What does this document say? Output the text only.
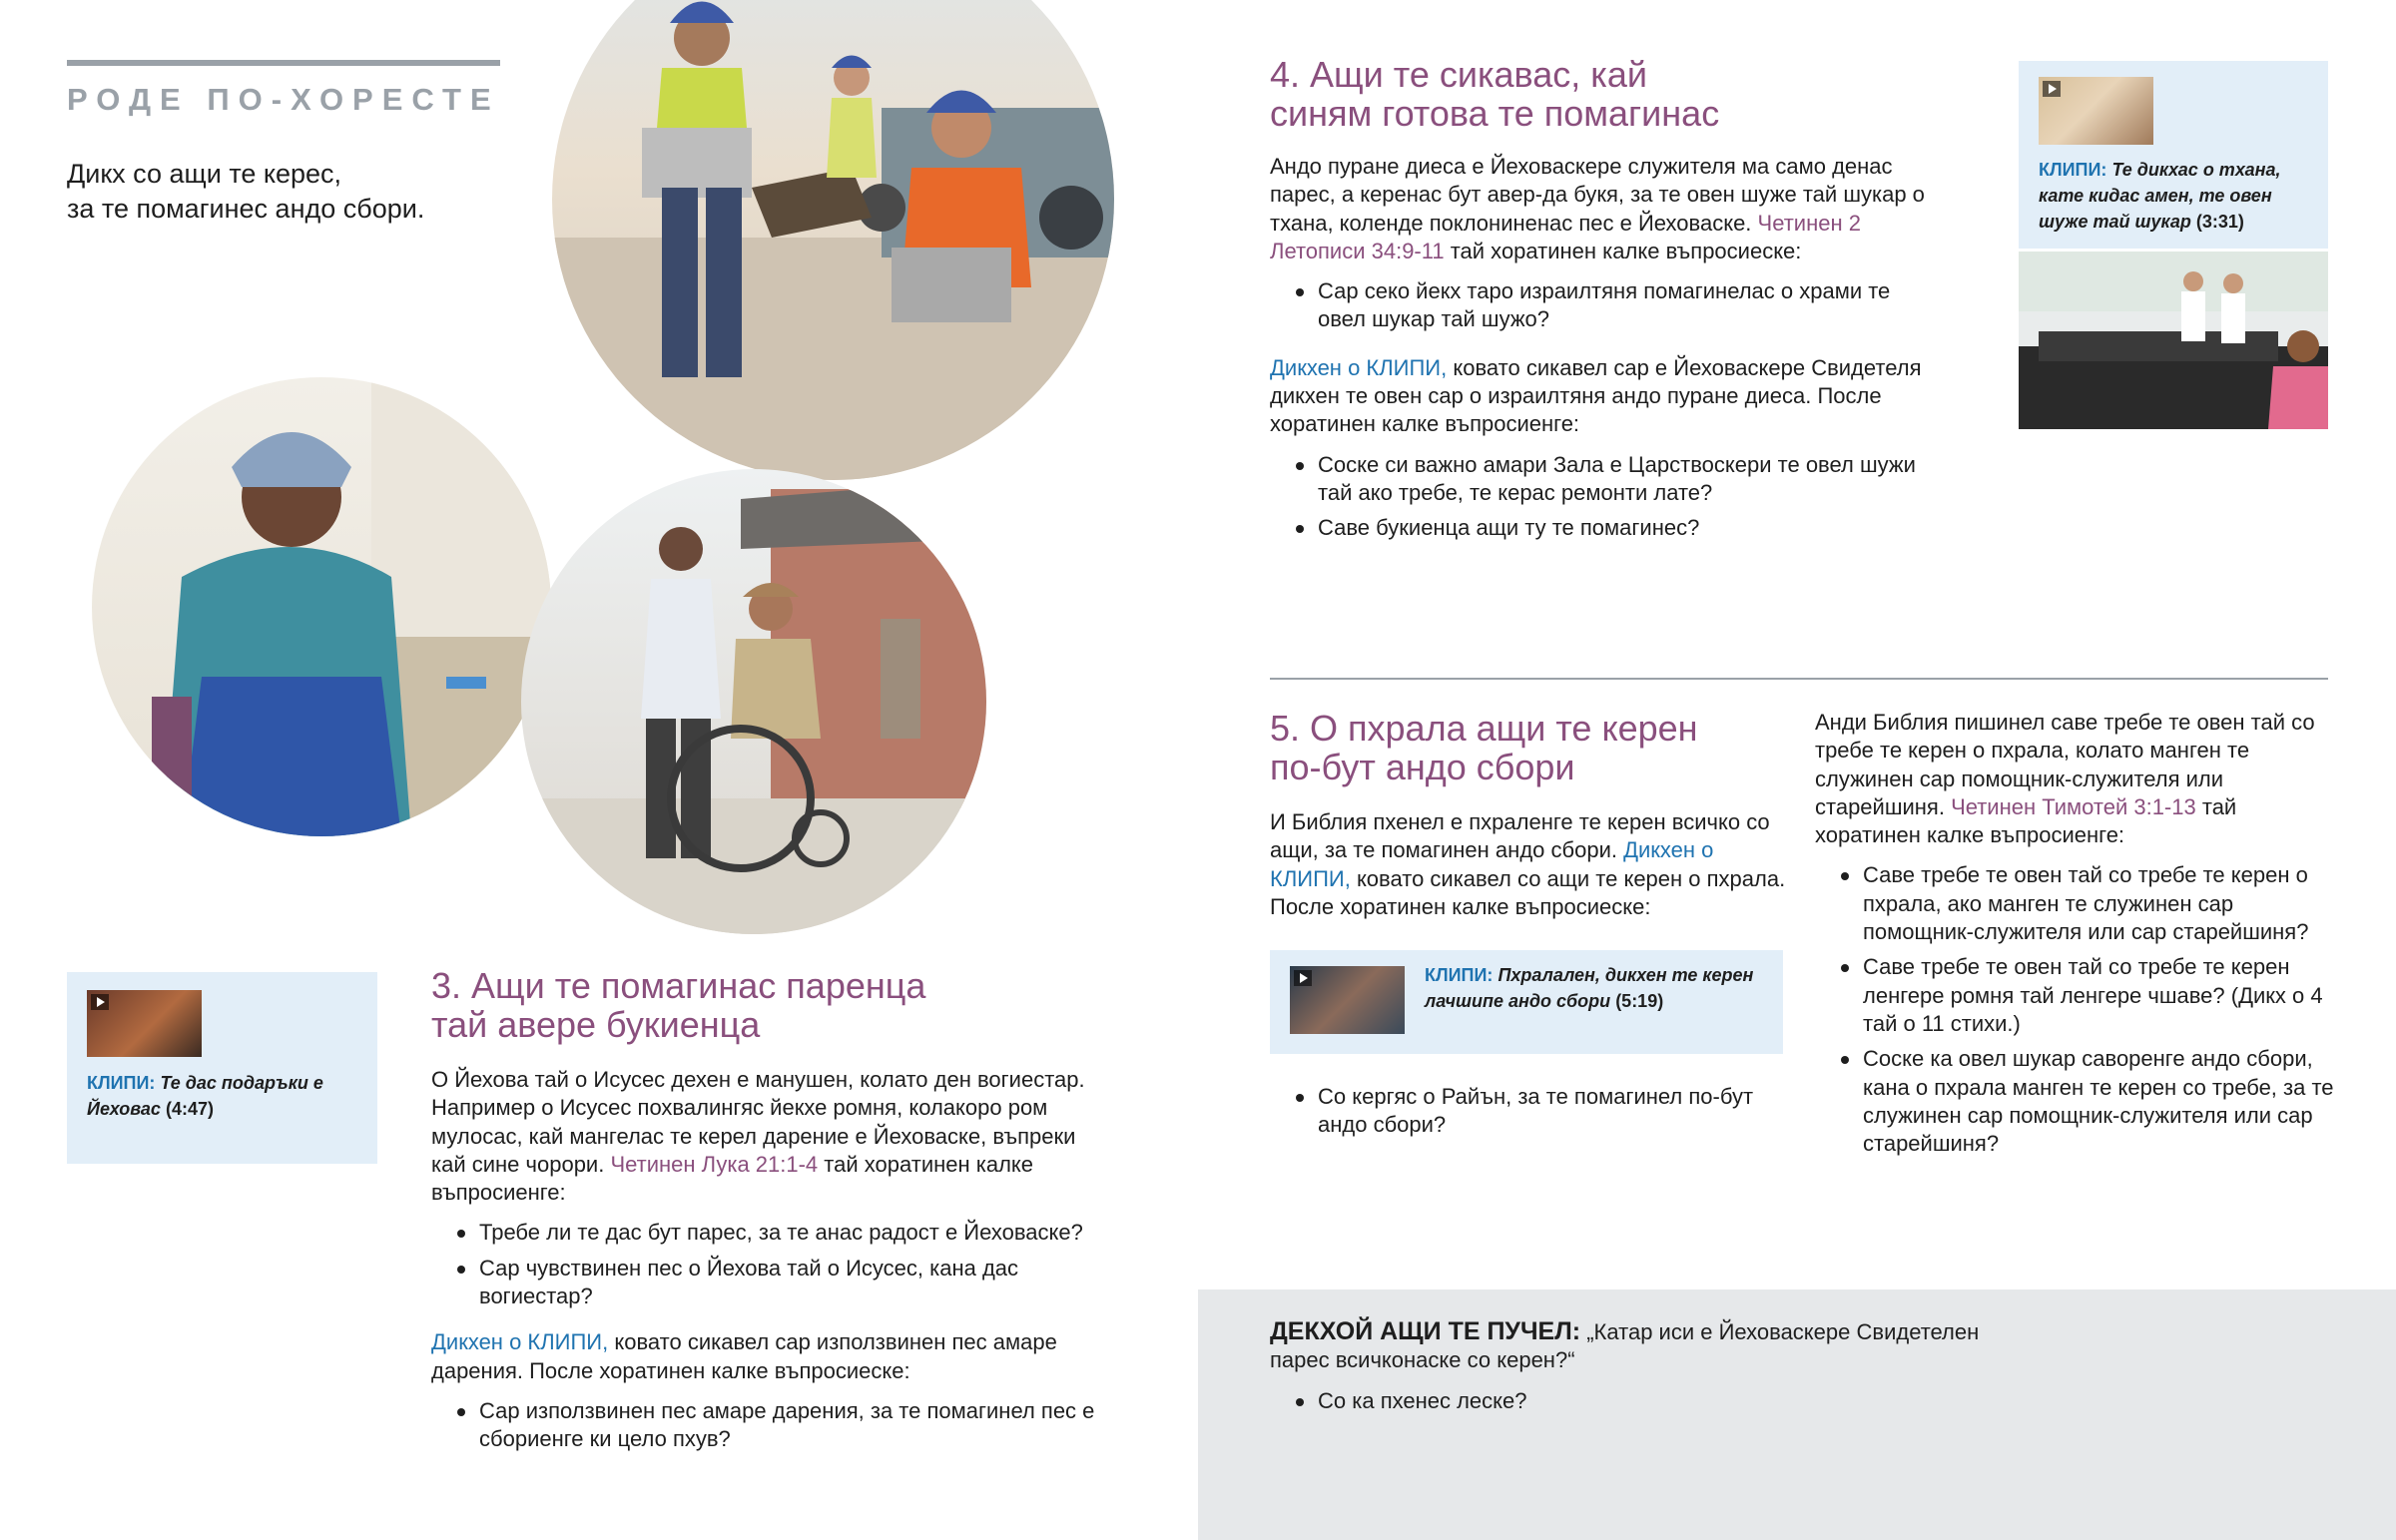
РОДЕ ПО-ХОРЕСТЕ
Дикх со ащи те керес,
за те помагинес андо сбори.
КЛИПИ: Те дас подаръки е Йеховас (4:47)
3. Ащи те помагинас паренца
тай авере букиенца

О Йехова тай о Исусес дехен е манушен, колато ден вогиестар. Например о Исусес похвалингяс йекхе ромня, колакоро ром мулосас, кай мангелас те керел дарение е Йеховаске, въпреки кай сине чорори. Четинен Лука 21:1-4 тай хоратинен калке въпросиенге:

Требе ли те дас бут парес, за те анас радост е Йеховаске?
Сар чувствинен пес о Йехова тай о Исусес, кана дас вогиестар?

Дикхен о КЛИПИ, ковато сикавел сар използвинен пес амаре дарения. После хоратинен калке въпросиеске:

Сар използвинен пес амаре дарения, за те помагинел пес е сбориенге ки цело пхув?
4. Ащи те сикавас, кай
синям готова те помагинас

Андо пуране диеса е Йеховаскере служителя ма само денас парес, а керенас бут авер-да букя, за те овен шуже тай шукар о тхана, коленде поклониненас пес е Йеховаске. Четинен 2 Летописи 34:9-11 тай хоратинен калке въпросиеске:

Сар секо йекх таро израилтяня помагинелас о храми те овел шукар тай шужо?

Дикхен о КЛИПИ, ковато сикавел сар е Йеховаскере Свидетеля дикхен те овен сар о израилтяня андо пуране диеса. После хоратинен калке въпросиенге:

Соске си важно амари Зала е Царствоскери те овел шужи тай ако требе, те керас ремонти лате?
Саве букиенца ащи ту те помагинес?
КЛИПИ: Те дикхас о тхана, кате кидас амен, те овен шуже тай шукар (3:31)
5. О пхрала ащи те керен
по-бут андо сбори

И Библия пхенел е пхраленге те керен всичко со ащи, за те помагинен андо сбори. Дикхен о КЛИПИ, ковато сикавел со ащи те керен о пхрала. После хоратинен калке въпросиеске:

КЛИПИ: Пхралален, дикхен те керен лачшипе андо сбори (5:19)
Со кергяс о Райън, за те помагинел по-бут андо сбори?

Анди Библия пишинел саве требе те овен тай со требе те керен о пхрала, колато манген те служинен сар помощник-служителя или старейшиня. Четинен Тимотей 3:1-13 тай хоратинен калке въпросиенге:

Саве требе те овен тай со требе те керен о пхрала, ако манген те служинен сар помощник-служителя или сар старейшиня?
Саве требе те овен тай со требе те керен ленгере ромня тай ленгере чшаве? (Дикх о 4 тай о 11 стихи.)
Соске ка овел шукар саворенге андо сбори, кана о пхрала манген те керен со требе, за те служинен сар помощник-служителя или сар старейшиня?

ДЕКХОЙ АЩИ ТЕ ПУЧЕЛ: „Катар иси е Йеховаскере Свидетелен парес всичконаске со керен?“

Со ка пхенес леске?
